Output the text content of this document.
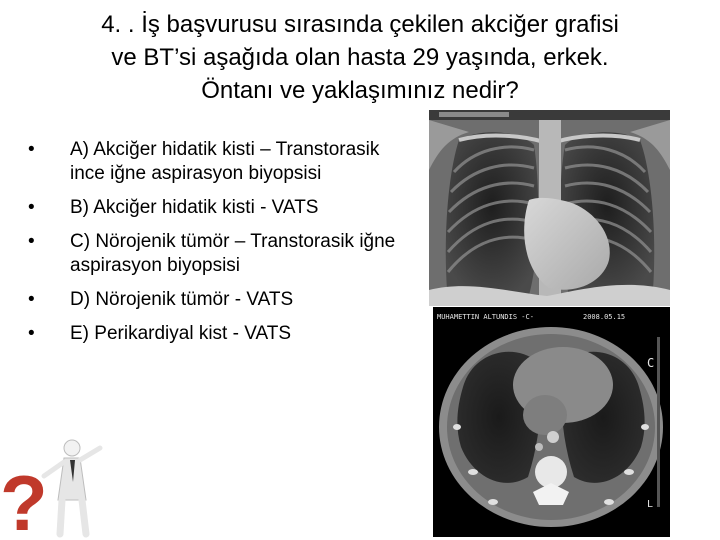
4. . İş başvurusu sırasında çekilen akciğer grafisi
ve BT’si aşağıda olan hasta 29 yaşında, erkek.
Öntanı ve yaklaşımınız nedir?
•	A) Akciğer hidatik kisti – Transtorasik ince iğne aspirasyon biyopsisi
•	B) Akciğer hidatik kisti - VATS
•	C) Nörojenik tümör – Transtorasik iğne aspirasyon biyopsisi
•	D) Nörojenik tümör - VATS
•	E) Perikardiyal kist - VATS
MUHAMETTIN ALTUNDIS -C-	2008.05.15
C
L
?
